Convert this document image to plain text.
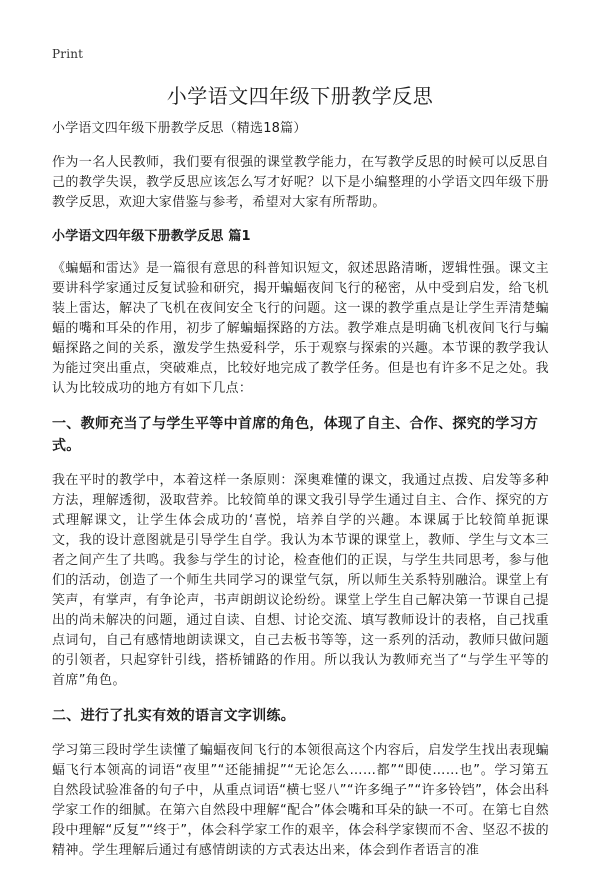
Print
小学语文四年级下册教学反思

小学语文四年级下册教学反思（精选18篇）

作为一名人民教师，我们要有很强的课堂教学能力，在写教学反思的时候可以反思自己的教学失误，教学反思应该怎么写才好呢？以下是小编整理的小学语文四年级下册教学反思，欢迎大家借鉴与参考，希望对大家有所帮助。

小学语文四年级下册教学反思 篇1

《蝙蝠和雷达》是一篇很有意思的科普知识短文，叙述思路清晰，逻辑性强。课文主要讲科学家通过反复试验和研究，揭开蝙蝠夜间飞行的秘密，从中受到启发，给飞机装上雷达，解决了飞机在夜间安全飞行的问题。这一课的教学重点是让学生弄清楚蝙蝠的嘴和耳朵的作用，初步了解蝙蝠探路的方法。教学难点是明确飞机夜间飞行与蝙蝠探路之间的关系，激发学生热爱科学，乐于观察与探索的兴趣。本节课的教学我认为能过突出重点，突破难点，比较好地完成了教学任务。但是也有许多不足之处。我认为比较成功的地方有如下几点：

一、教师充当了与学生平等中首席的角色，体现了自主、合作、探究的学习方式。

我在平时的教学中，本着这样一条原则：深奥难懂的课文，我通过点拨、启发等多种方法，理解透彻，汲取营养。比较简单的课文我引导学生通过自主、合作、探究的方式理解课文，让学生体会成功的‘喜悦，培养自学的兴趣。本课属于比较简单扼课文，我的设计意图就是引导学生自学。我认为本节课的课堂上，教师、学生与文本三者之间产生了共鸣。我参与学生的讨论，检查他们的正误，与学生共同思考，参与他们的活动，创造了一个师生共同学习的课堂气氛，所以师生关系特别融洽。课堂上有笑声，有掌声，有争论声，书声朗朗议论纷纷。课堂上学生自己解决第一节课自己提出的尚未解决的问题，通过自读、自想、讨论交流、填写教师设计的表格，自己找重点词句，自己有感情地朗读课文，自己去板书等等，这一系列的活动，教师只做问题的引领者，只起穿针引线，搭桥铺路的作用。所以我认为教师充当了“与学生平等的首席”角色。

二、进行了扎实有效的语言文字训练。

学习第三段时学生读懂了蝙蝠夜间飞行的本领很高这个内容后，启发学生找出表现蝙蝠飞行本领高的词语“夜里”“还能捕捉”“无论怎么……都”“即使……也”。学习第五自然段试验准备的句子中，从重点词语“横七竖八”“许多绳子”“许多铃铛”，体会出科学家工作的细腻。在第六自然段中理解“配合”体会嘴和耳朵的缺一不可。在第七自然段中理解“反复”“终于”，体会科学家工作的艰辛，体会科学家锲而不舍、坚忍不拔的精神。学生理解后通过有感情朗读的方式表达出来，体会到作者语言的准
